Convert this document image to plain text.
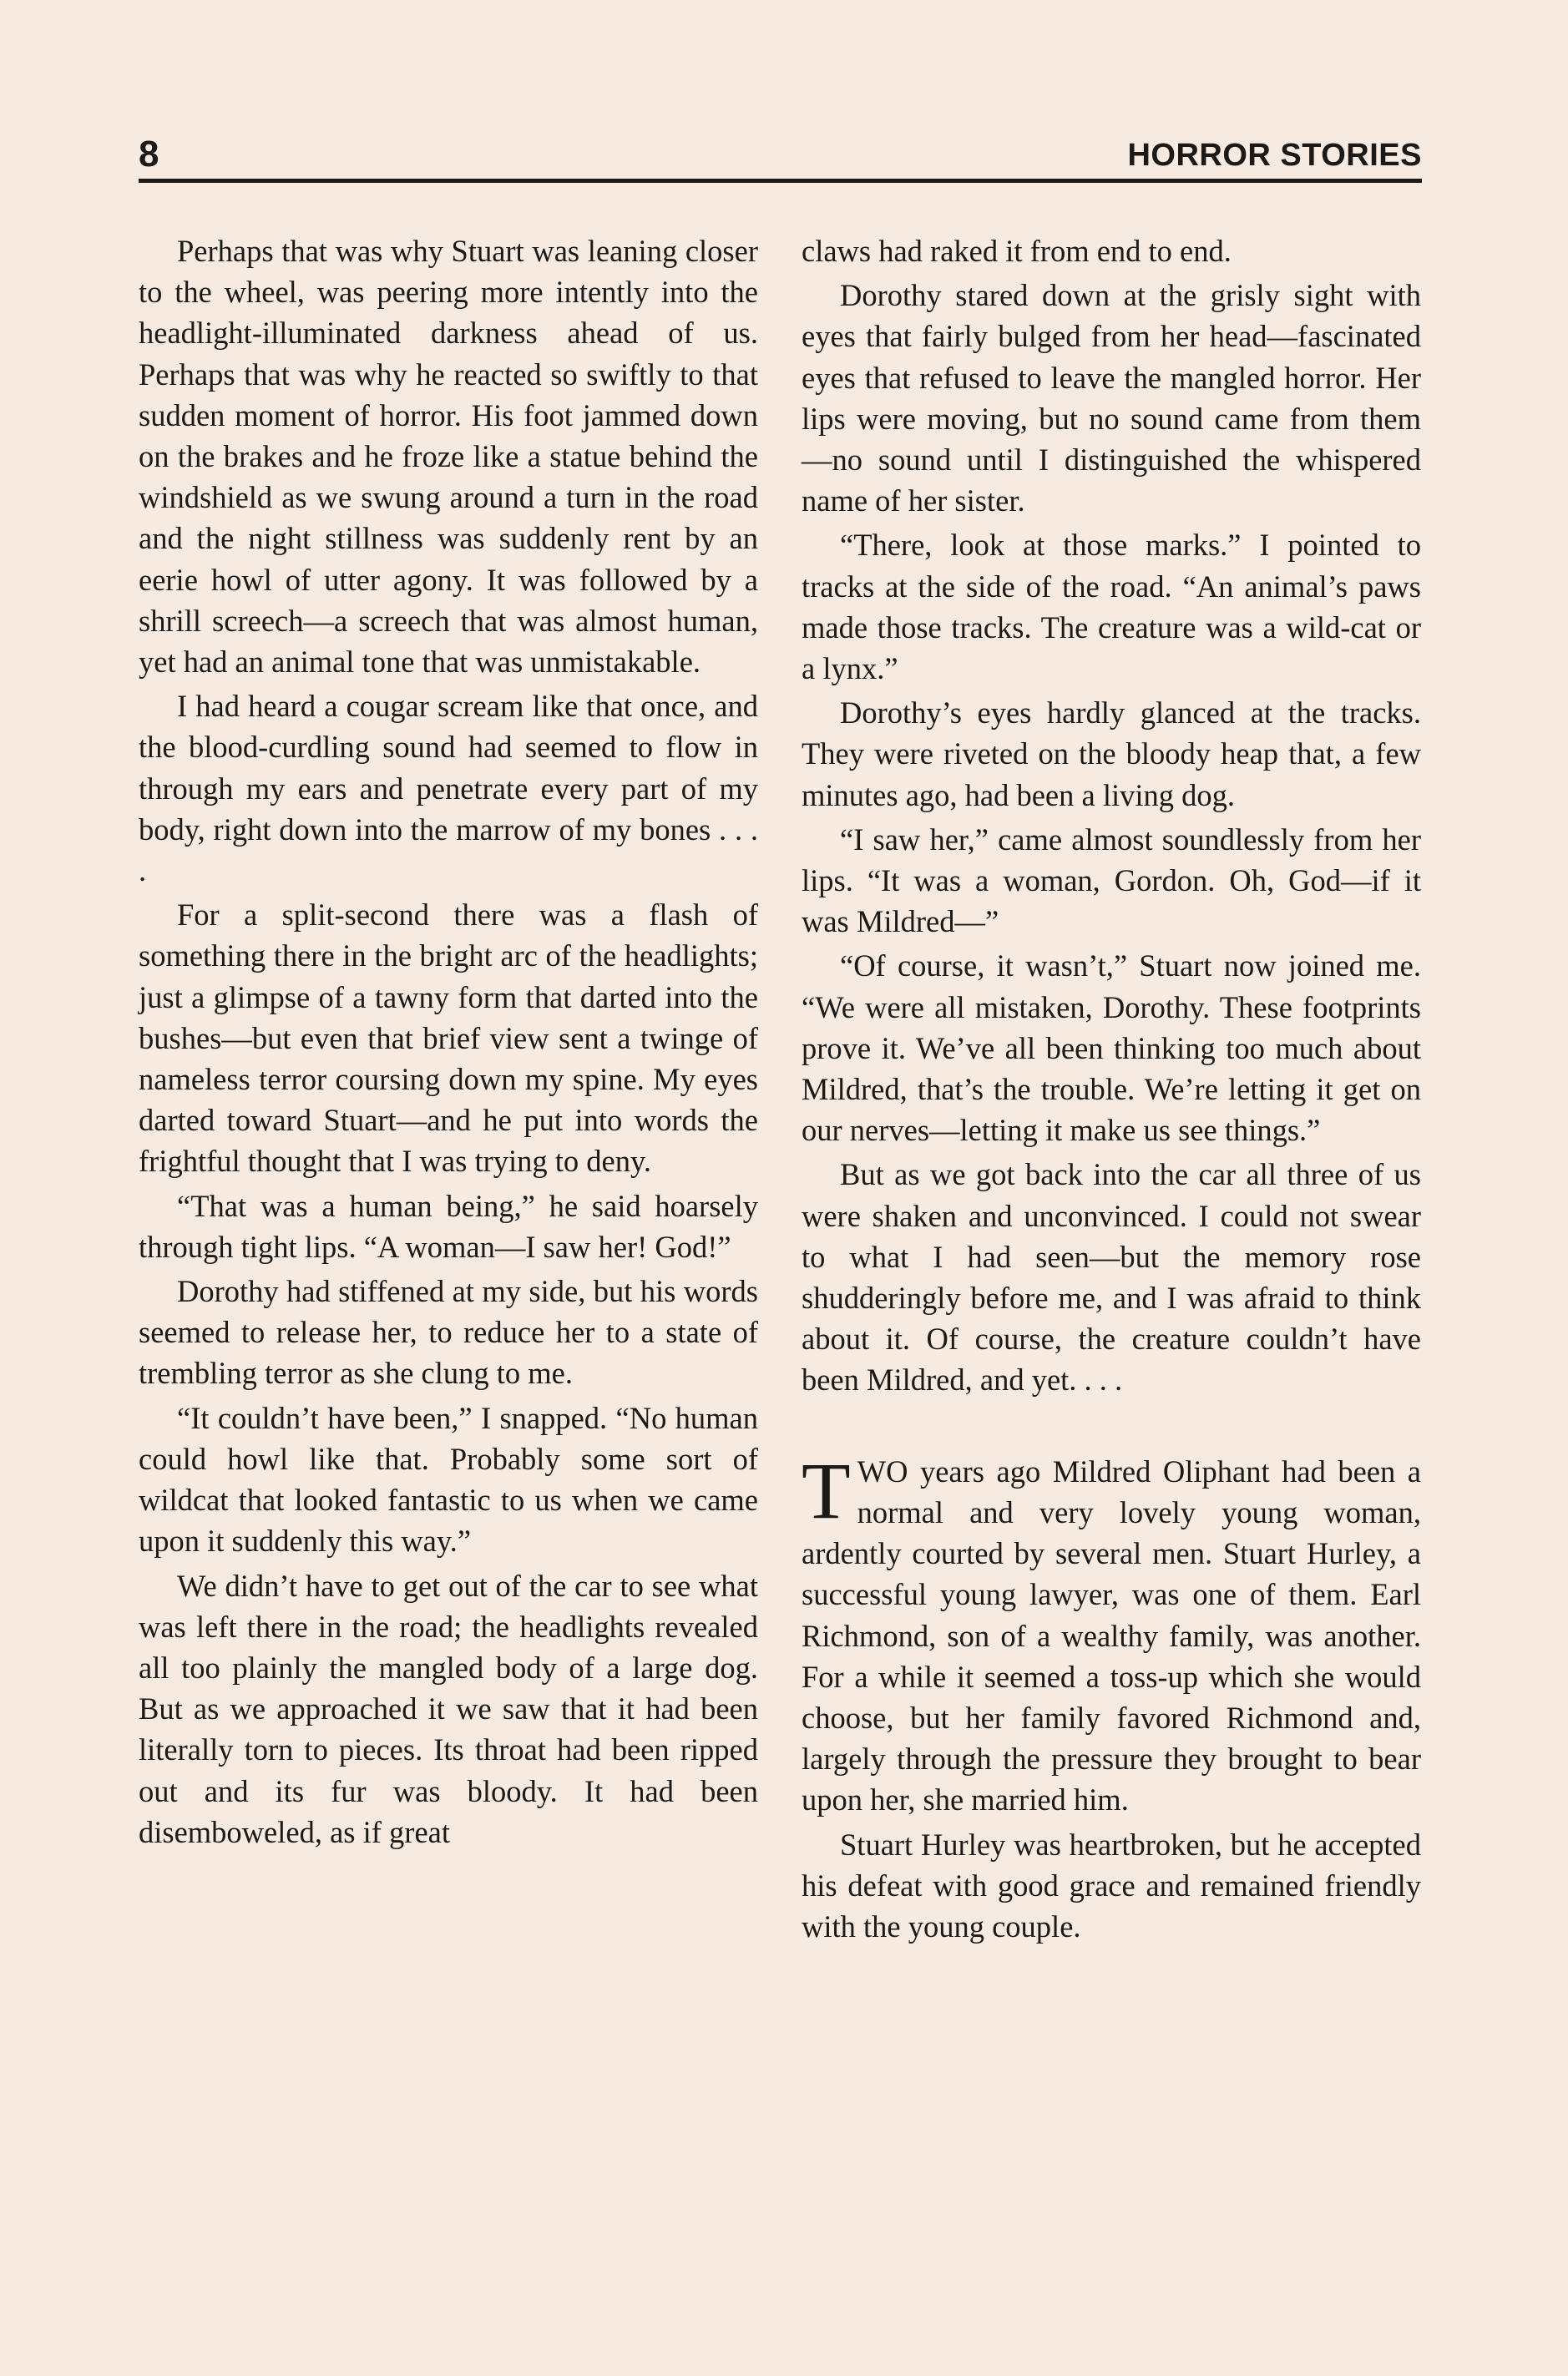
8	HORROR STORIES

Perhaps that was why Stuart was leaning closer to the wheel, was peering more intently into the headlight-illuminated darkness ahead of us. Perhaps that was why he reacted so swiftly to that sudden moment of horror. His foot jammed down on the brakes and he froze like a statue behind the windshield as we swung around a turn in the road and the night stillness was suddenly rent by an eerie howl of utter agony. It was followed by a shrill screech—a screech that was almost human, yet had an animal tone that was unmistakable.

I had heard a cougar scream like that once, and the blood-curdling sound had seemed to flow in through my ears and penetrate every part of my body, right down into the marrow of my bones . . . .

For a split-second there was a flash of something there in the bright arc of the headlights; just a glimpse of a tawny form that darted into the bushes—but even that brief view sent a twinge of nameless terror coursing down my spine. My eyes darted toward Stuart—and he put into words the frightful thought that I was trying to deny.

“That was a human being,” he said hoarsely through tight lips. “A woman—I saw her! God!”

Dorothy had stiffened at my side, but his words seemed to release her, to reduce her to a state of trembling terror as she clung to me.

“It couldn’t have been,” I snapped. “No human could howl like that. Probably some sort of wildcat that looked fantastic to us when we came upon it suddenly this way.”

We didn’t have to get out of the car to see what was left there in the road; the headlights revealed all too plainly the mangled body of a large dog. But as we approached it we saw that it had been literally torn to pieces. Its throat had been ripped out and its fur was bloody. It had been disemboweled, as if great

claws had raked it from end to end.

Dorothy stared down at the grisly sight with eyes that fairly bulged from her head—fascinated eyes that refused to leave the mangled horror. Her lips were moving, but no sound came from them—no sound until I distinguished the whispered name of her sister.

“There, look at those marks.” I pointed to tracks at the side of the road. “An animal’s paws made those tracks. The creature was a wild-cat or a lynx.”

Dorothy’s eyes hardly glanced at the tracks. They were riveted on the bloody heap that, a few minutes ago, had been a living dog.

“I saw her,” came almost soundlessly from her lips. “It was a woman, Gordon. Oh, God—if it was Mildred—”

“Of course, it wasn’t,” Stuart now joined me. “We were all mistaken, Dorothy. These footprints prove it. We’ve all been thinking too much about Mildred, that’s the trouble. We’re letting it get on our nerves—letting it make us see things.”

But as we got back into the car all three of us were shaken and unconvinced. I could not swear to what I had seen—but the memory rose shudderingly before me, and I was afraid to think about it. Of course, the creature couldn’t have been Mildred, and yet. . . .

TWO years ago Mildred Oliphant had been a normal and very lovely young woman, ardently courted by several men. Stuart Hurley, a successful young lawyer, was one of them. Earl Richmond, son of a wealthy family, was another. For a while it seemed a toss-up which she would choose, but her family favored Richmond and, largely through the pressure they brought to bear upon her, she married him.

Stuart Hurley was heartbroken, but he accepted his defeat with good grace and remained friendly with the young couple.
